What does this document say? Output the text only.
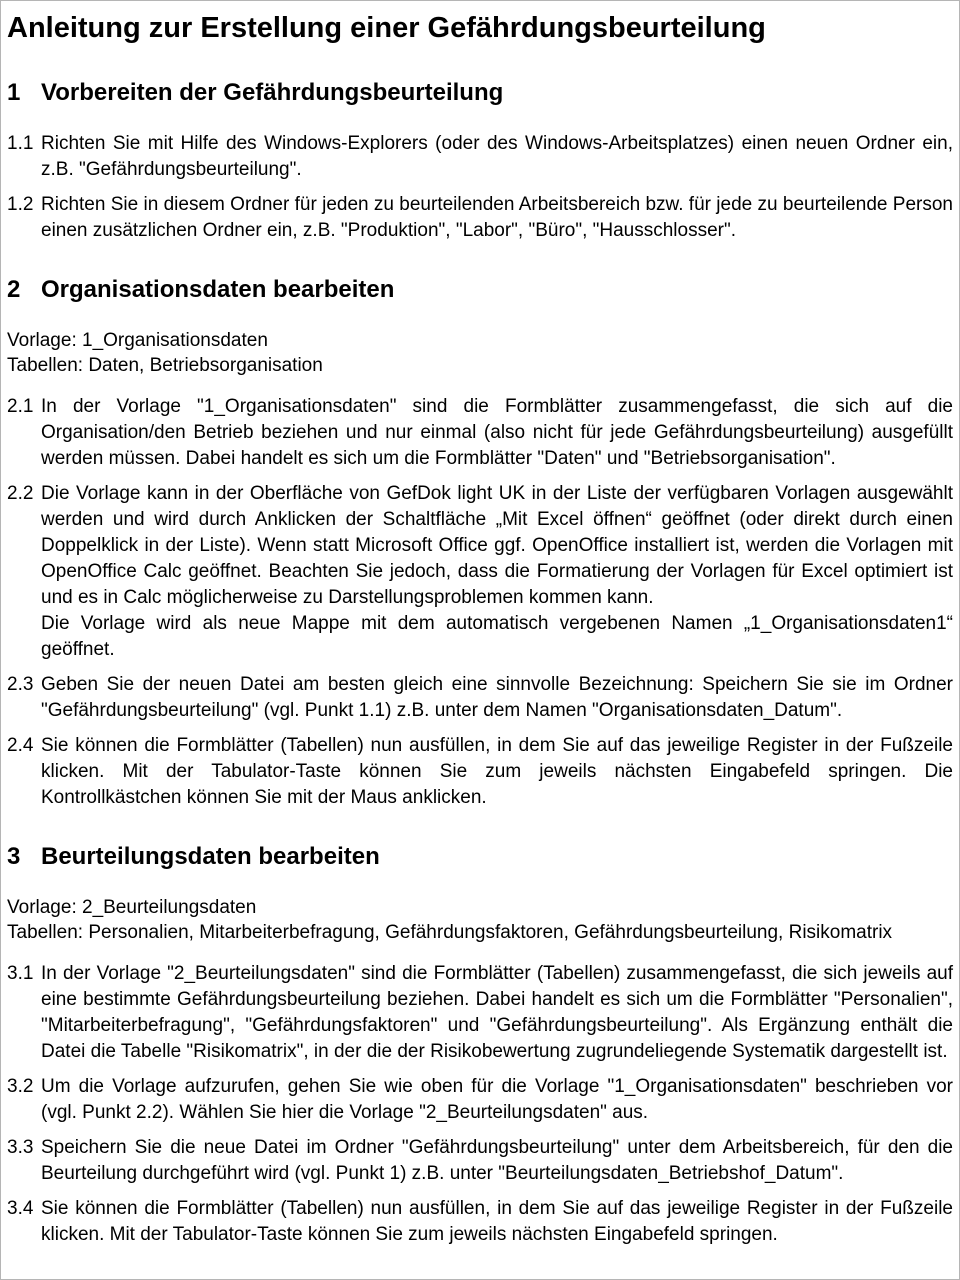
Anleitung zur Erstellung einer Gefährdungsbeurteilung
1 Vorbereiten der Gefährdungsbeurteilung
1.1 Richten Sie mit Hilfe des Windows-Explorers (oder des Windows-Arbeitsplatzes) einen neuen Ordner ein, z.B. "Gefährdungsbeurteilung".

1.2 Richten Sie in diesem Ordner für jeden zu beurteilenden Arbeitsbereich bzw. für jede zu beurteilende Person einen zusätzlichen Ordner ein, z.B. "Produktion", "Labor", "Büro", "Hausschlosser".

2 Organisationsdaten bearbeiten
Vorlage: 1_Organisationsdaten
Tabellen: Daten, Betriebsorganisation
2.1 In der Vorlage "1_Organisationsdaten" sind die Formblätter zusammengefasst, die sich auf die Organisation/den Betrieb beziehen und nur einmal (also nicht für jede Gefährdungsbeurteilung) ausgefüllt werden müssen. Dabei handelt es sich um die Formblätter "Daten" und "Betriebsorganisation".

2.2 Die Vorlage kann in der Oberfläche von GefDok light UK in der Liste der verfügbaren Vorlagen ausgewählt werden und wird durch Anklicken der Schaltfläche „Mit Excel öffnen“ geöffnet (oder direkt durch einen Doppelklick in der Liste). Wenn statt Microsoft Office ggf. OpenOffice installiert ist, werden die Vorlagen mit OpenOffice Calc geöffnet. Beachten Sie jedoch, dass die Formatierung der Vorlagen für Excel optimiert ist und es in Calc möglicherweise zu Darstellungsproblemen kommen kann.

Die Vorlage wird als neue Mappe mit dem automatisch vergebenen Namen „1_Organisationsdaten1“ geöffnet.

2.3 Geben Sie der neuen Datei am besten gleich eine sinnvolle Bezeichnung: Speichern Sie sie im Ordner "Gefährdungsbeurteilung" (vgl. Punkt 1.1) z.B. unter dem Namen "Organisationsdaten_Datum".

2.4 Sie können die Formblätter (Tabellen) nun ausfüllen, in dem Sie auf das jeweilige Register in der Fußzeile klicken. Mit der Tabulator-Taste können Sie zum jeweils nächsten Eingabefeld springen. Die Kontrollkästchen können Sie mit der Maus anklicken.

3 Beurteilungsdaten bearbeiten
Vorlage: 2_Beurteilungsdaten
Tabellen: Personalien, Mitarbeiterbefragung, Gefährdungsfaktoren, Gefährdungsbeurteilung, Risikomatrix
3.1 In der Vorlage "2_Beurteilungsdaten" sind die Formblätter (Tabellen) zusammengefasst, die sich jeweils auf eine bestimmte Gefährdungsbeurteilung beziehen. Dabei handelt es sich um die Formblätter "Personalien", "Mitarbeiterbefragung", "Gefährdungsfaktoren" und "Gefährdungsbeurteilung". Als Ergänzung enthält die Datei die Tabelle "Risikomatrix", in der die der Risikobewertung zugrundeliegende Systematik dargestellt ist.

3.2 Um die Vorlage aufzurufen, gehen Sie wie oben für die Vorlage "1_Organisationsdaten" beschrieben vor (vgl. Punkt 2.2). Wählen Sie hier die Vorlage "2_Beurteilungsdaten" aus.

3.3 Speichern Sie die neue Datei im Ordner "Gefährdungsbeurteilung" unter dem Arbeitsbereich, für den die Beurteilung durchgeführt wird (vgl. Punkt 1) z.B. unter "Beurteilungsdaten_Betriebshof_Datum".

3.4 Sie können die Formblätter (Tabellen) nun ausfüllen, in dem Sie auf das jeweilige Register in der Fußzeile klicken. Mit der Tabulator-Taste können Sie zum jeweils nächsten Eingabefeld springen.
